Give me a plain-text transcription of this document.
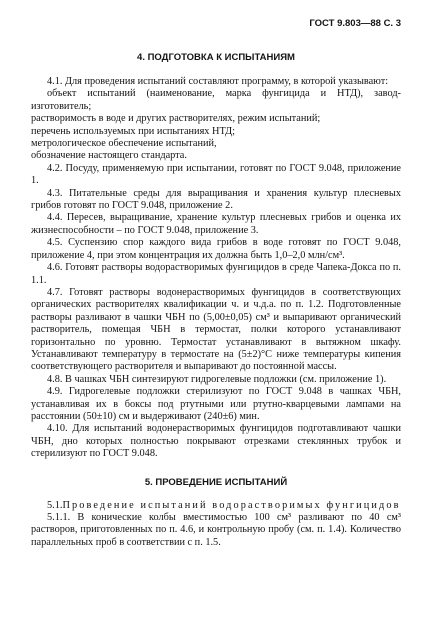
ГОСТ 9.803—88 С. 3
4. ПОДГОТОВКА К ИСПЫТАНИЯМ

4.1. Для проведения испытаний составляют программу, в которой указывают:

объект испытаний (наименование, марка фунгицида и НТД), завод-изготовитель;

растворимость в воде и других растворителях, режим испытаний;

перечень используемых при испытаниях НТД;

метрологическое обеспечение испытаний,

обозначение настоящего стандарта.

4.2. Посуду, применяемую при испытании, готовят по ГОСТ 9.048, приложение 1.

4.3. Питательные среды для выращивания и хранения культур плесневых грибов готовят по ГОСТ 9.048, приложение 2.

4.4. Пересев, выращивание, хранение культур плесневых грибов и оценка их жизнеспособности – по ГОСТ 9.048, приложение 3.

4.5. Суспензию спор каждого вида грибов в воде готовят по ГОСТ 9.048, приложение 4, при этом концентрация их должна быть 1,0–2,0 млн/см³.

4.6. Готовят растворы водорастворимых фунгицидов в среде Чапека-Докса по п. 1.1.

4.7. Готовят растворы водонерастворимых фунгицидов в соответствующих органических растворителях квалификации ч. и ч.д.а. по п. 1.2. Подготовленные растворы разливают в чашки ЧБН по (5,00±0,05) см³ и выпаривают органический растворитель, помещая ЧБН в термостат, полки которого устанавливают горизонтально по уровню. Термостат устанавливают в вытяжном шкафу. Устанавливают температуру в термостате на (5±2)°С ниже температуры кипения соответствующего растворителя и выпаривают до постоянной массы.

4.8. В чашках ЧБН синтезируют гидрогелевые подложки (см. приложение 1).

4.9. Гидрогелевые подложки стерилизуют по ГОСТ 9.048 в чашках ЧБН, устанавливая их в боксы под ртутными или ртутно-кварцевыми лампами на расстоянии (50±10) см и выдерживают (240±6) мин.

4.10. Для испытаний водонерастворимых фунгицидов подготавливают чашки ЧБН, дно которых полностью покрывают отрезками стеклянных трубок и стерилизуют по ГОСТ 9.048.

5. ПРОВЕДЕНИЕ ИСПЫТАНИЙ

5.1.Проведение испытаний водорастворимых фунгицидов

5.1.1. В конические колбы вместимостью 100 см³ разливают по 40 см³ растворов, приготовленных по п. 4.6, и контрольную пробу (см. п. 1.4). Количество параллельных проб в соответствии с п. 1.5.
